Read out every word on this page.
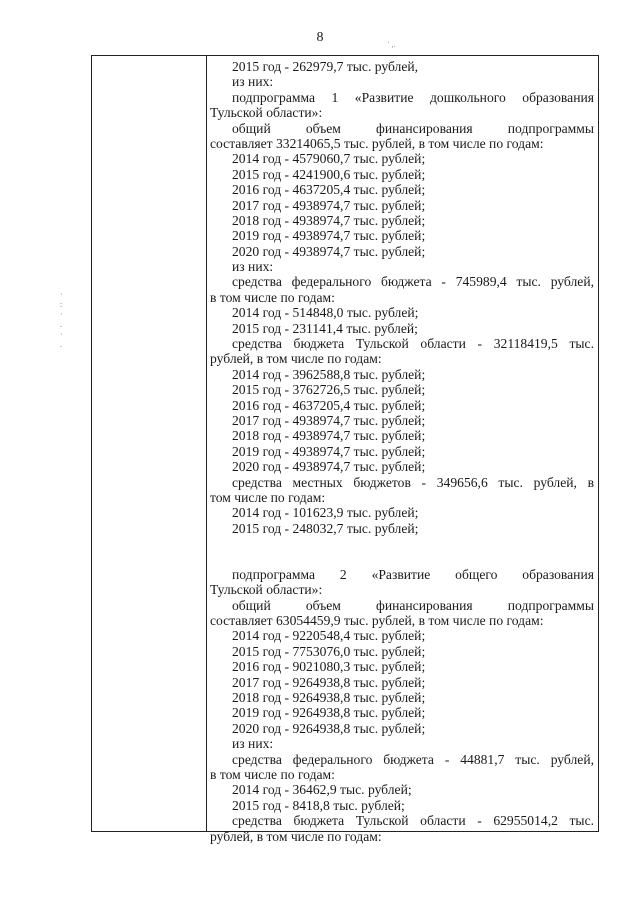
8
2015 год - 262979,7 тыс. рублей,
из них:
подпрограмма 1 «Развитие дошкольного образования
Тульской области»:
общий объем финансирования подпрограммы
составляет 33214065,5 тыс. рублей, в том числе по годам:
2014 год - 4579060,7 тыс. рублей;
2015 год - 4241900,6 тыс. рублей;
2016 год - 4637205,4 тыс. рублей;
2017 год - 4938974,7 тыс. рублей;
2018 год - 4938974,7 тыс. рублей;
2019 год - 4938974,7 тыс. рублей;
2020 год - 4938974,7 тыс. рублей;
из них:
средства федерального бюджета - 745989,4 тыс. рублей,
в том числе по годам:
2014 год - 514848,0 тыс. рублей;
2015 год - 231141,4 тыс. рублей;
средства бюджета Тульской области - 32118419,5 тыс.
рублей, в том числе по годам:
2014 год - 3962588,8 тыс. рублей;
2015 год - 3762726,5 тыс. рублей;
2016 год - 4637205,4 тыс. рублей;
2017 год - 4938974,7 тыс. рублей;
2018 год - 4938974,7 тыс. рублей;
2019 год - 4938974,7 тыс. рублей;
2020 год - 4938974,7 тыс. рублей;
средства местных бюджетов - 349656,6 тыс. рублей, в
том числе по годам:
2014 год - 101623,9 тыс. рублей;
2015 год - 248032,7 тыс. рублей;
подпрограмма 2 «Развитие общего образования
Тульской области»:
общий объем финансирования подпрограммы
составляет 63054459,9 тыс. рублей, в том числе по годам:
2014 год - 9220548,4 тыс. рублей;
2015 год - 7753076,0 тыс. рублей;
2016 год - 9021080,3 тыс. рублей;
2017 год - 9264938,8 тыс. рублей;
2018 год - 9264938,8 тыс. рублей;
2019 год - 9264938,8 тыс. рублей;
2020 год - 9264938,8 тыс. рублей;
из них:
средства федерального бюджета - 44881,7 тыс. рублей,
в том числе по годам:
2014 год - 36462,9 тыс. рублей;
2015 год - 8418,8 тыс. рублей;
средства бюджета Тульской области - 62955014,2 тыс.
рублей, в том числе по годам:
·
:
·
.
·
.
' ,.
